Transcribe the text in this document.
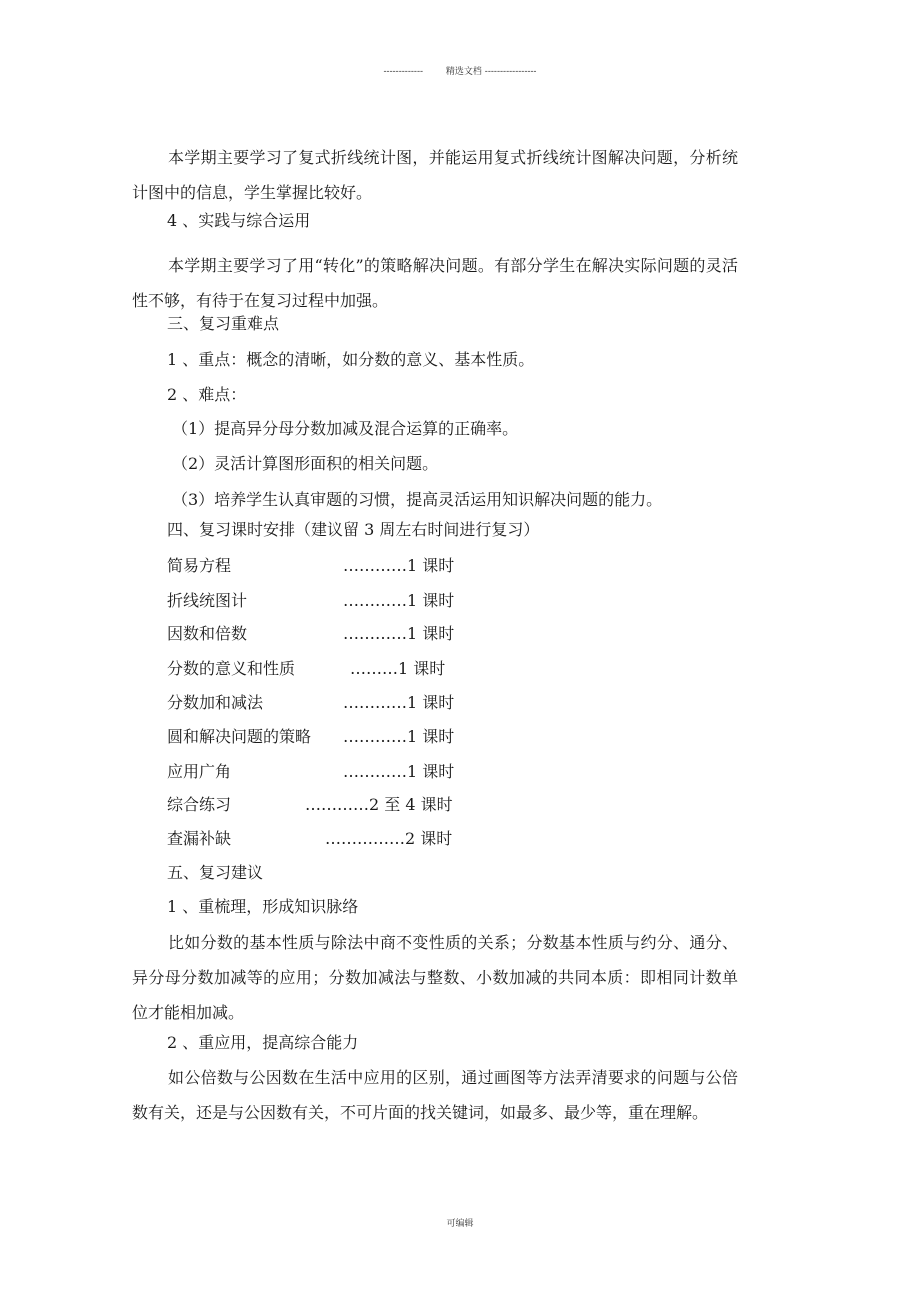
-------------        精选文档 -----------------
本学期主要学习了复式折线统计图，并能运用复式折线统计图解决问题，分析统计图中的信息，学生掌握比较好。
4 、实践与综合运用
本学期主要学习了用“转化”的策略解决问题。有部分学生在解决实际问题的灵活性不够，有待于在复习过程中加强。
三、复习重难点
1 、重点：概念的清晰，如分数的意义、基本性质。
2 、难点：
（1）提高异分母分数加减及混合运算的正确率。
（2）灵活计算图形面积的相关问题。
（3）培养学生认真审题的习惯，提高灵活运用知识解决问题的能力。
四、复习课时安排（建议留 3 周左右时间进行复习）
简易方程	…………1 课时
折线统图计	…………1 课时
因数和倍数	…………1 课时
分数的意义和性质	………1 课时
分数加和减法	…………1 课时
圆和解决问题的策略 …………1 课时
应用广角	…………1 课时
综合练习	…………2 至 4 课时
查漏补缺	……………2 课时
五、复习建议
1 、重梳理，形成知识脉络
比如分数的基本性质与除法中商不变性质的关系；分数基本性质与约分、通分、异分母分数加减等的应用；分数加减法与整数、小数加减的共同本质：即相同计数单位才能相加减。
2 、重应用，提高综合能力
如公倍数与公因数在生活中应用的区别，通过画图等方法弄清要求的问题与公倍数有关，还是与公因数有关，不可片面的找关键词，如最多、最少等，重在理解。
可编辑
